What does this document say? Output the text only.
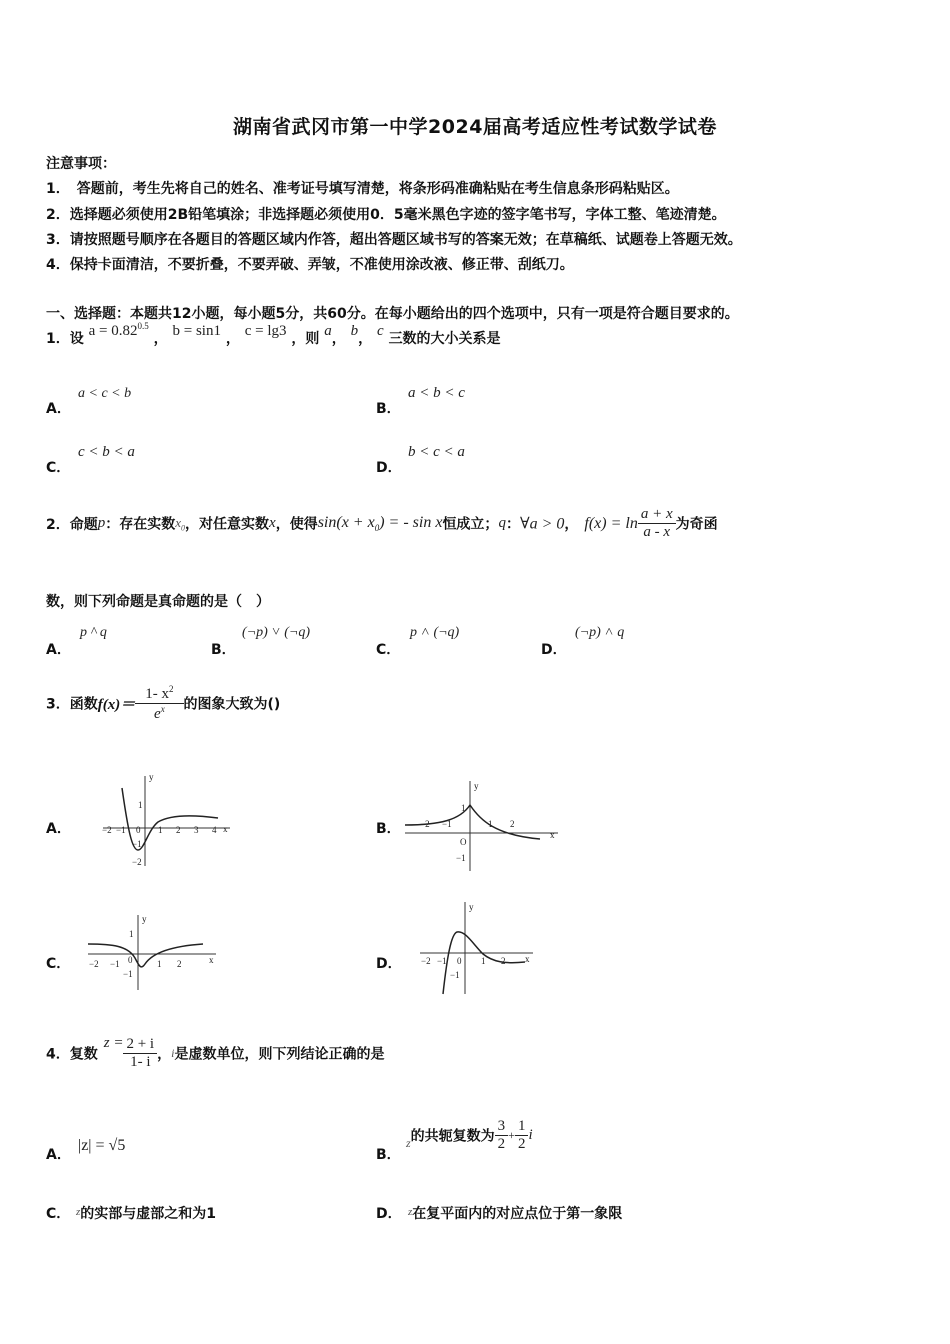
湖南省武冈市第一中学2024届高考适应性考试数学试卷
注意事项：
1．　答题前，考生先将自己的姓名、准考证号填写清楚，将条形码准确粘贴在考生信息条形码粘贴区。
2．选择题必须使用2B铅笔填涂；非选择题必须使用0．5毫米黑色字迹的签字笔书写，字体工整、笔迹清楚。
3．请按照题号顺序在各题目的答题区域内作答，超出答题区域书写的答案无效；在草稿纸、试题卷上答题无效。
4．保持卡面清洁，不要折叠，不要弄破、弄皱，不准使用涂改液、修正带、刮纸刀。
一、选择题：本题共12小题，每小题5分，共60分。在每小题给出的四个选项中，只有一项是符合题目要求的。
1．设 $a = 0.82^{0.5}$ ， b = sin1 ， c = lg3 ，则 a， b， c 三数的大小关系是
A．
a < c < b
B．
a < b < c
C．
c < b < a
D．
b < c < a
2．命题p：存在实数$x_0$，对任意实数x，使得$\sin(x + x_0)$ = - sin x恒成立；q：∀a > 0， $f(x) = \ln \frac{a + x}{a - x}$ 为奇函
数，则下列命题是真命题的是（　）
A．
p ^ q
B．
(¬p) ˅ (¬q)
C．
p ˄ (¬q)
D．
(¬p) ˄ q
3．函数$f(x)= \frac{1- x^2}{e^x}$ 的图象大致为()
A．	B．
C．	D．
y
1
−1
−2
−2 −1 0 1 2 3 4 x
y
1
O
−1
−2 −1	1 2
x
y
1
−1
−2 −1 0	1 2	x
y
−1
−2 −1 0 1 2 x
4．复数$z = \frac{2 + i}{1- i}$ ，i是虚数单位，则下列结论正确的是
A．
|z| = √5
B．
z的共轭复数为 $\frac{3}{2} + \frac{1}{2}$ i
C． $^z$的实部与虚部之和为1	D． $^z$在复平面内的对应点位于第一象限
